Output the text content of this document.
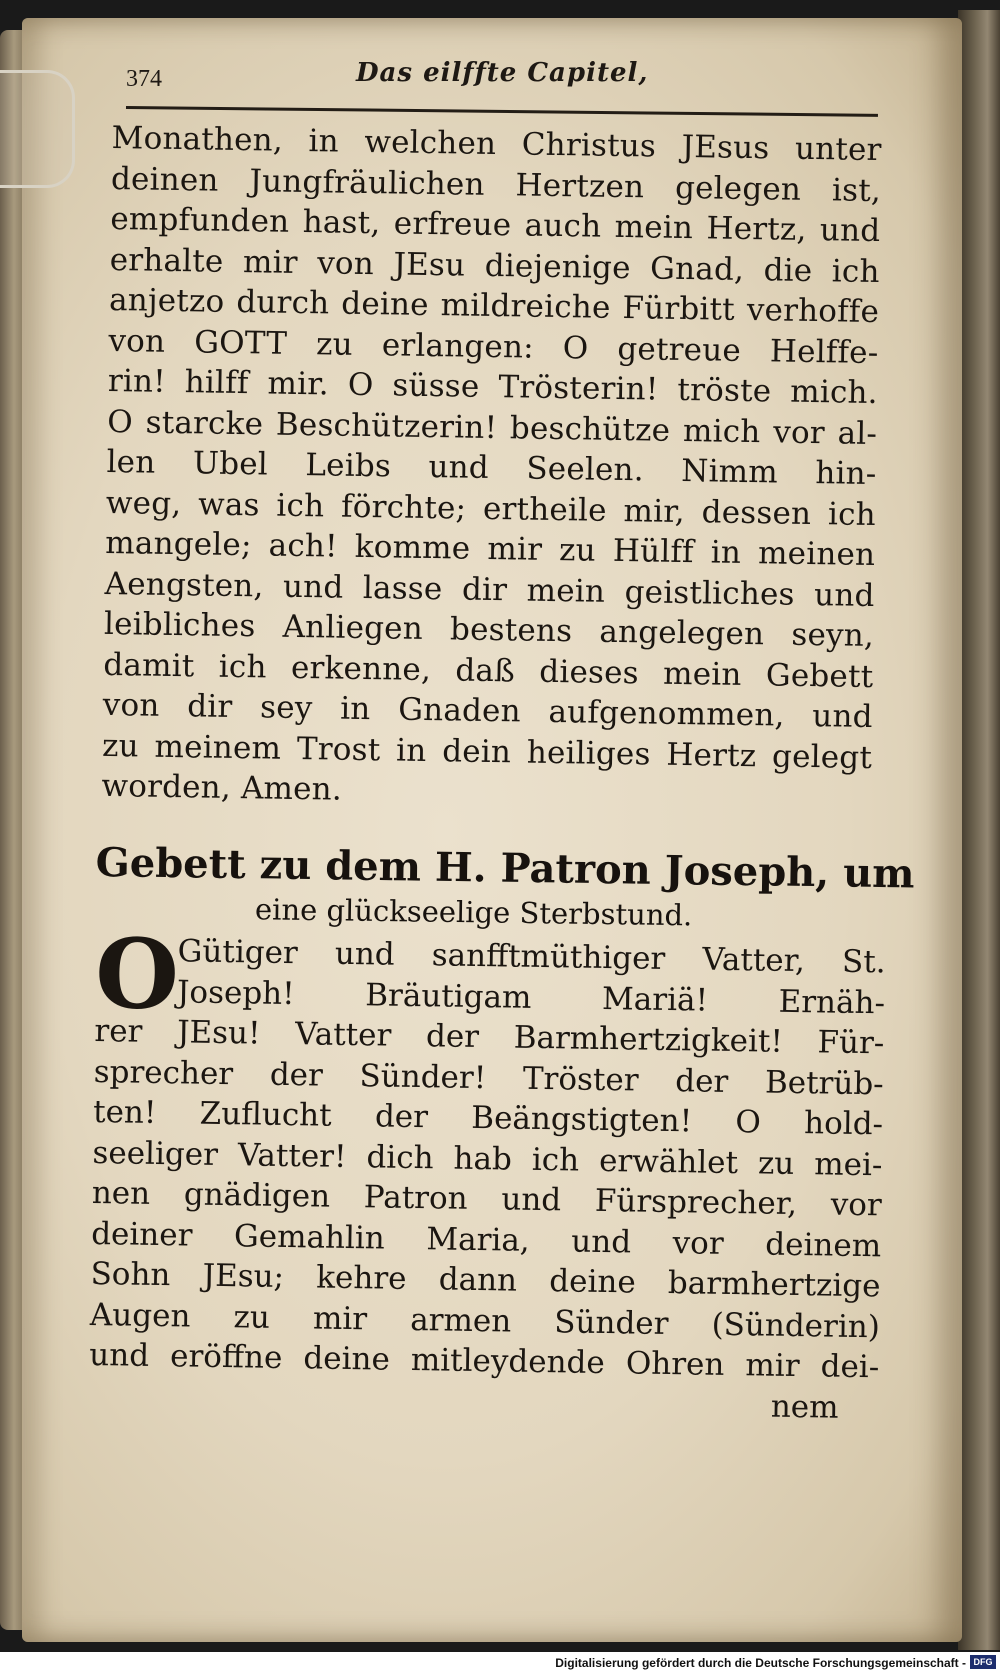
374	Das eilffte Capitel,
Monathen, in welchen Christus JEsus unter
deinen Jungfräulichen Hertzen gelegen ist,
empfunden hast, erfreue auch mein Hertz, und
erhalte mir von JEsu diejenige Gnad, die ich
anjetzo durch deine mildreiche Fürbitt verhoffe
von GOTT zu erlangen: O getreue Helffe-
rin! hilff mir. O süsse Trösterin! tröste mich.
O starcke Beschützerin! beschütze mich vor al-
len Ubel Leibs und Seelen. Nimm hin-
weg, was ich förchte; ertheile mir, dessen ich
mangele; ach! komme mir zu Hülff in meinen
Aengsten, und lasse dir mein geistliches und
leibliches Anliegen bestens angelegen seyn,
damit ich erkenne, daß dieses mein Gebett
von dir sey in Gnaden aufgenommen, und
zu meinem Trost in dein heiliges Hertz gelegt
worden, Amen.
Gebett zu dem H. Patron Joseph, um
eine glückseelige Sterbstund.
O
Gütiger und sanfftmüthiger Vatter, St.
Joseph! Bräutigam Mariä! Ernäh-
rer JEsu! Vatter der Barmhertzigkeit! Für-
sprecher der Sünder! Tröster der Betrüb-
ten! Zuflucht der Beängstigten! O hold-
seeliger Vatter! dich hab ich erwählet zu mei-
nen gnädigen Patron und Fürsprecher, vor
deiner Gemahlin Maria, und vor deinem
Sohn JEsu; kehre dann deine barmhertzige
Augen zu mir armen Sünder (Sünderin)
und eröffne deine mitleydende Ohren mir dei-
nem
Digitalisierung gefördert durch die Deutsche Forschungsgemeinschaft - DFG
